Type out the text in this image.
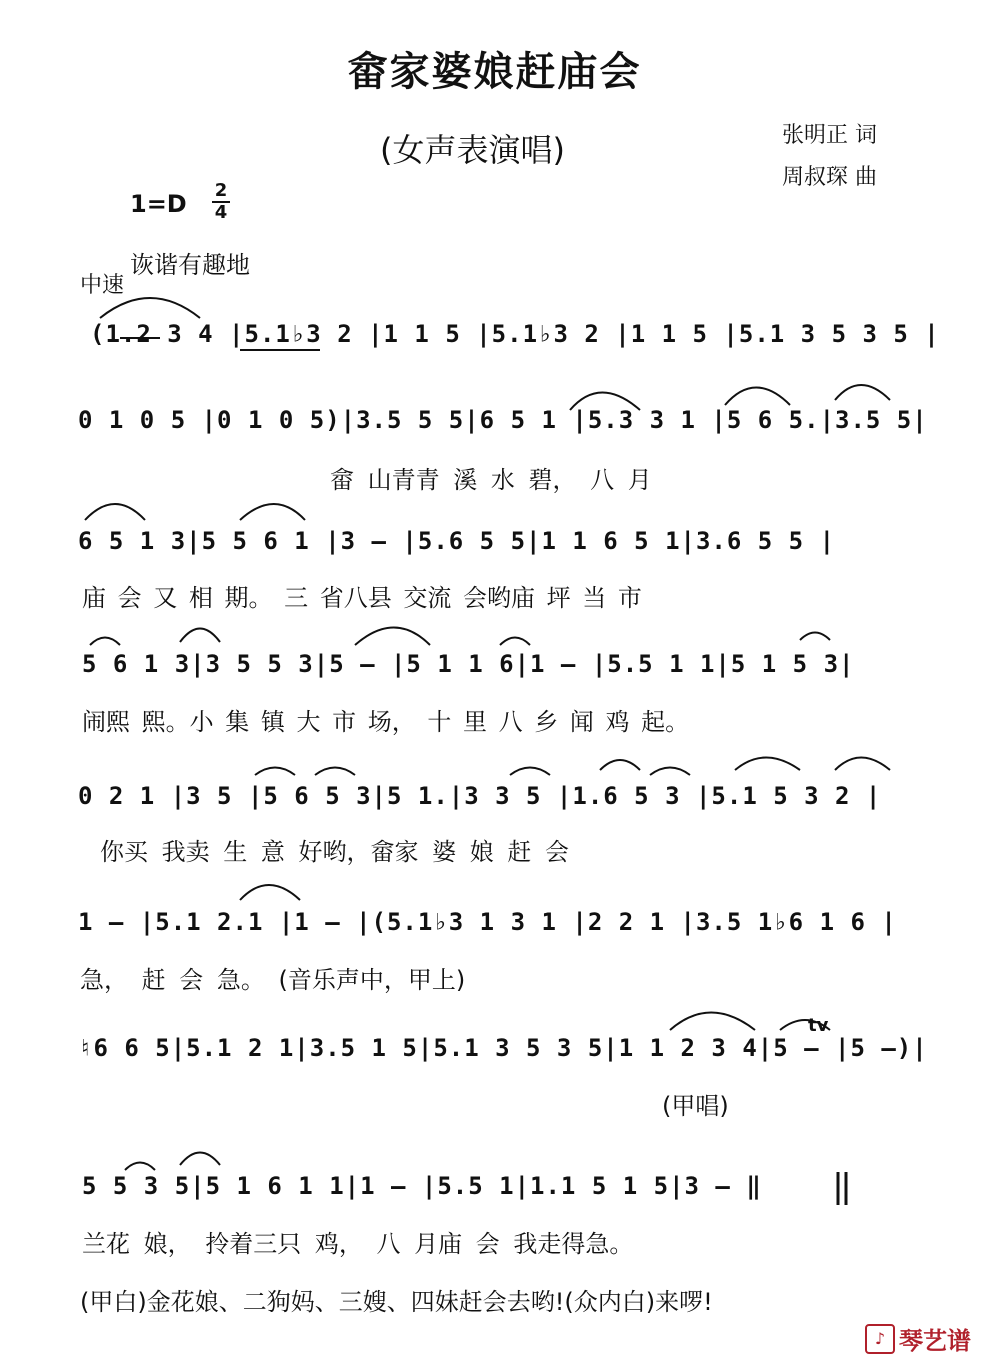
畲家婆娘赶庙会
(女声表演唱)	张明正 词
周叔琛 曲
1=D 2
4
诙谐有趣地
中速
(1.2 3 4 |5.1♭3 2 |1 1 5 |5.1♭3 2 |1 1 5 |5.1 3 5 3 5 |
0 1 0 5 |0 1 0 5)|3.5 5 5|6 5 1 |5.3 3 1 |5 6 5.|3.5 5|
畲 山青青 溪 水 碧， 八 月
6 5 1 3|5 5 6 1 |3 — |5.6 5 5|1 1 6 5 1|3.6 5 5 |
庙 会 又 相 期。 三 省八县 交流 会哟庙 坪 当 市
5 6 1 3|3 5 5 3|5 — |5 1 1 6|1 — |5.5 1 1|5 1 5 3|
闹熙 熙。小 集 镇 大 市 场， 十 里 八 乡 闻 鸡 起。
0 2 1 |3 5 |5 6 5 3|5 1.|3 3 5 |1.6 5 3 |5.1 5 3 2 |
你买 我卖 生 意 好哟，畲家 婆 娘 赶 会
1 — |5.1 2.1 |1 — |(5.1♭3 1 3 1 |2 2 1 |3.5 1♭6 1 6 |
急， 赶 会 急。 (音乐声中，甲上)
tv
♮6 6 5|5.1 2 1|3.5 1 5|5.1 3 5 3 5|1 1 2 3 4|5 — |5 —)|
(甲唱)
5 5 3 5|5 1 6 1 1|1 — |5.5 1|1.1 5 1 5|3 — ‖
兰花 娘， 拎着三只 鸡， 八 月庙 会 我走得急。
(甲白)金花娘、二狗妈、三嫂、四妹赶会去哟!(众内白)来啰!
♪ 琴艺谱
